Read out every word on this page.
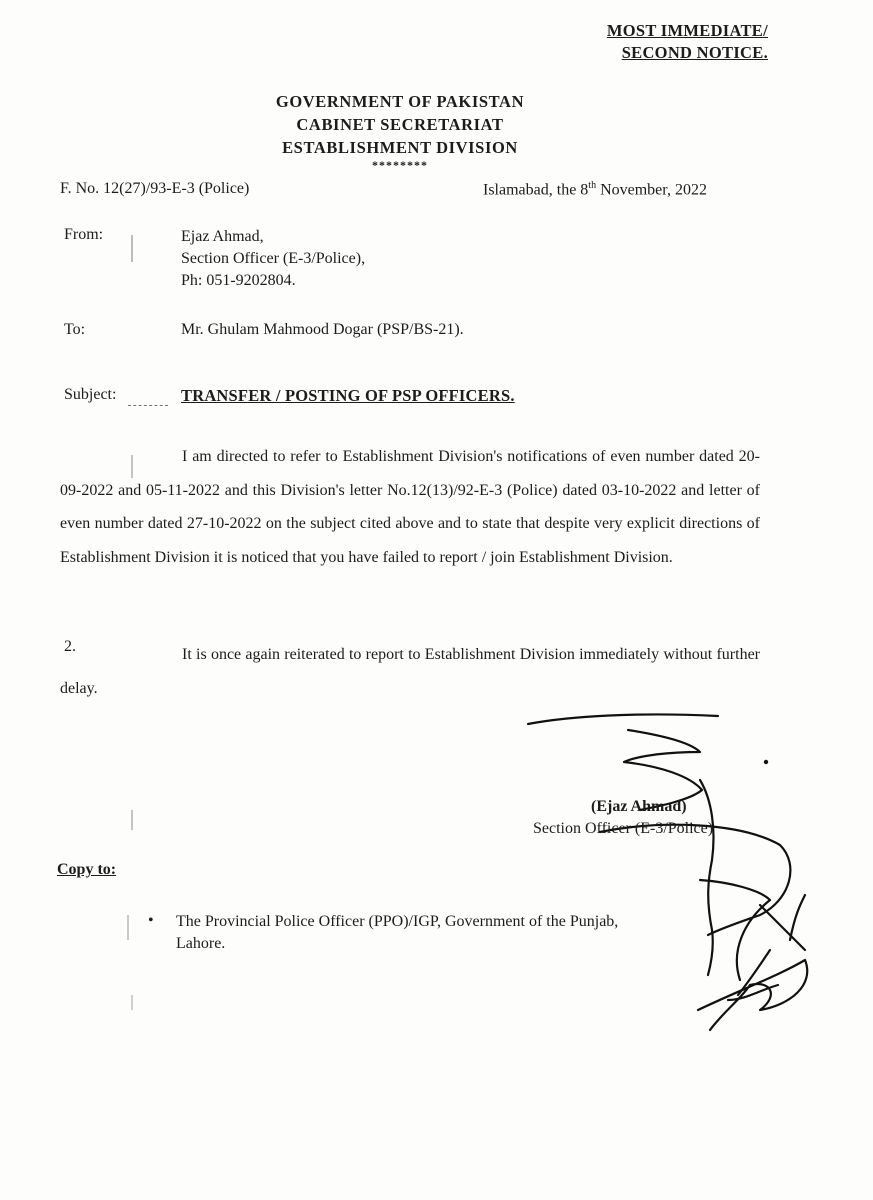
MOST IMMEDIATE/
SECOND NOTICE.
GOVERNMENT OF PAKISTAN
CABINET SECRETARIAT
ESTABLISHMENT DIVISION
********
F. No. 12(27)/93-E-3 (Police)	Islamabad, the 8th November, 2022
From:	Ejaz Ahmad,
Section Officer (E-3/Police),
Ph: 051-9202804.
To:	Mr. Ghulam Mahmood Dogar (PSP/BS-21).
Subject:	TRANSFER / POSTING OF PSP OFFICERS.
I am directed to refer to Establishment Division's notifications of even number dated 20-09-2022 and 05-11-2022 and this Division's letter No.12(13)/92-E-3 (Police) dated 03-10-2022 and letter of even number dated 27-10-2022 on the subject cited above and to state that despite very explicit directions of Establishment Division it is noticed that you have failed to report / join Establishment Division.
2.	It is once again reiterated to report to Establishment Division immediately without further delay.
(Ejaz Ahmad)
Section Officer (E-3/Police)
Copy to:
• The Provincial Police Officer (PPO)/IGP, Government of the Punjab,
Lahore.
